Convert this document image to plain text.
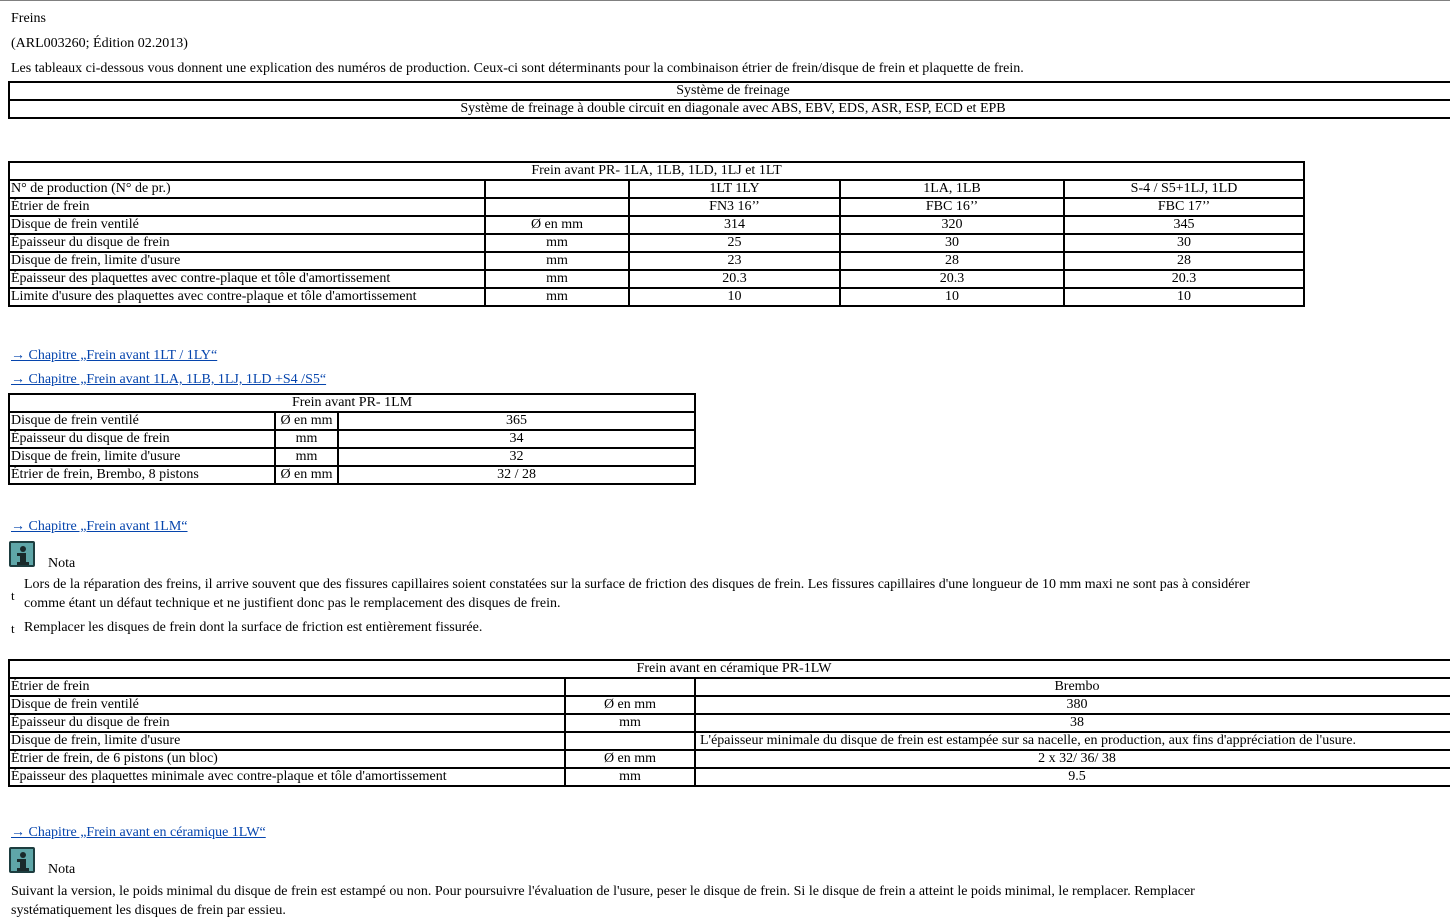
Freins
(ARL003260; Édition 02.2013)
Les tableaux ci-dessous vous donnent une explication des numéros de production. Ceux-ci sont déterminants pour la combinaison étrier de frein/disque de frein et plaquette de frein.
Système de freinage
Système de freinage à double circuit en diagonale avec ABS, EBV, EDS, ASR, ESP, ECD et EPB
Frein avant PR- 1LA, 1LB, 1LD, 1LJ et 1LT				
N° de production (N° de pr.)		1LT 1LY	1LA, 1LB	S-4 / S5+1LJ, 1LD
Étrier de frein		FN3 16’’	FBC 16’’	FBC 17’’
Disque de frein ventilé	Ø en mm	314	320	345
Épaisseur du disque de frein	mm	25	30	30
Disque de frein, limite d'usure	mm	23	28	28
Épaisseur des plaquettes avec contre-plaque et tôle d'amortissement	mm	20.3	20.3	20.3
Limite d'usure des plaquettes avec contre-plaque et tôle d'amortissement	mm	10	10	10
→ Chapitre „Frein avant 1LT / 1LY“
→ Chapitre „Frein avant 1LA, 1LB, 1LJ, 1LD +S4 /S5“
Frein avant PR- 1LM		
Disque de frein ventilé	Ø en mm	365
Épaisseur du disque de frein	mm	34
Disque de frein, limite d'usure	mm	32
Étrier de frein, Brembo, 8 pistons	Ø en mm	32 / 28
→ Chapitre „Frein avant 1LM“
Nota
t
Lors de la réparation des freins, il arrive souvent que des fissures capillaires soient constatées sur la surface de friction des disques de frein. Les fissures capillaires d'une longueur de 10 mm maxi ne sont pas à considérer
comme étant un défaut technique et ne justifient donc pas le remplacement des disques de frein.
t Remplacer les disques de frein dont la surface de friction est entièrement fissurée.
Frein avant en céramique PR-1LW		
Étrier de frein		Brembo
Disque de frein ventilé	Ø en mm	380
Épaisseur du disque de frein	mm	38
Disque de frein, limite d'usure		L'épaisseur minimale du disque de frein est estampée sur sa nacelle, en production, aux fins d'appréciation de l'usure.
Étrier de frein, de 6 pistons (un bloc)	Ø en mm	2 x 32/ 36/ 38
Épaisseur des plaquettes minimale avec contre-plaque et tôle d'amortissement	mm	9.5
→ Chapitre „Frein avant en céramique 1LW“
Nota
Suivant la version, le poids minimal du disque de frein est estampé ou non. Pour poursuivre l'évaluation de l'usure, peser le disque de frein. Si le disque de frein a atteint le poids minimal, le remplacer. Remplacer
systématiquement les disques de frein par essieu.
